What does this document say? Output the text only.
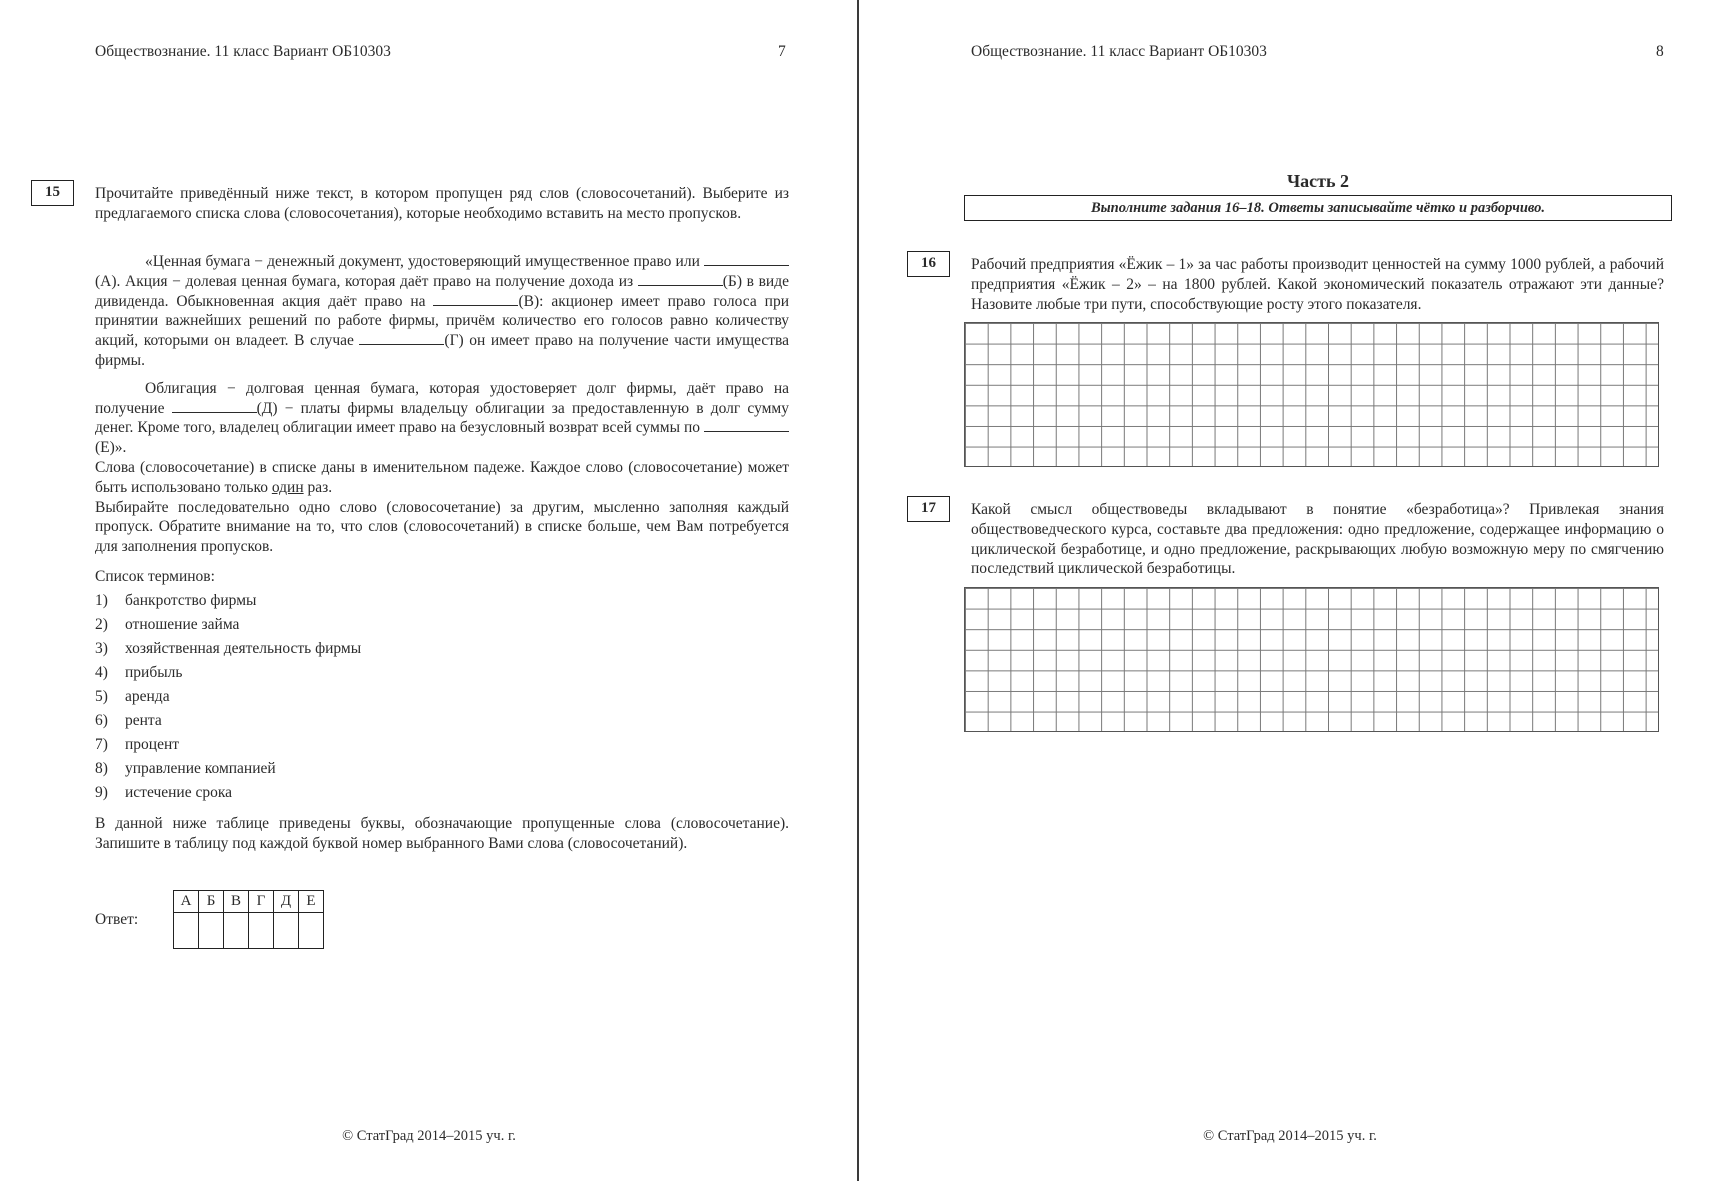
Обществознание. 11 класс Вариант ОБ10303	7
15	Прочитайте приведённый ниже текст, в котором пропущен ряд слов (словосочетаний). Выберите из предлагаемого списка слова (словосочетания), которые необходимо вставить на место пропусков.

«Ценная бумага − денежный документ, удостоверяющий имущественное право или (А). Акция − долевая ценная бумага, которая даёт право на получение дохода из	(Б) в виде дивиденда. Обыкновенная акция даёт право на	(В): акционер имеет право голоса при принятии важнейших решений по работе фирмы, причём количество его голосов равно количеству акций, которыми он владеет. В случае	(Г) он имеет право на получение части имущества фирмы.

Облигация − долговая ценная бумага, которая удостоверяет долг фирмы, даёт право на получение	(Д) − платы фирмы владельцу облигации за предоставленную в долг сумму денег. Кроме того, владелец облигации имеет право на безусловный возврат всей суммы по (Е)».

Слова (словосочетание) в списке даны в именительном падеже. Каждое слово (словосочетание) может быть использовано только один раз.

Выбирайте последовательно одно слово (словосочетание) за другим, мысленно заполняя каждый пропуск. Обратите внимание на то, что слов (словосочетаний) в списке больше, чем Вам потребуется для заполнения пропусков.

Список терминов:
1)	банкротство фирмы
2)	отношение займа
3)	хозяйственная деятельность фирмы
4)	прибыль
5)	аренда
6)	рента
7)	процент
8)	управление компанией
9)	истечение срока
В данной ниже таблице приведены буквы, обозначающие пропущенные слова (словосочетание). Запишите в таблицу под каждой буквой номер выбранного Вами слова (словосочетаний).
Ответ:
А	Б	В	Г	Д	Е

© СтатГрад 2014–2015 уч. г.
Обществознание. 11 класс Вариант ОБ10303	8
Часть 2
Выполните задания 16–18. Ответы записывайте чётко и разборчиво.
16	Рабочий предприятия «Ёжик – 1» за час работы производит ценностей на сумму 1000 рублей, а рабочий предприятия «Ёжик – 2» – на 1800 рублей. Какой экономический показатель отражают эти данные? Назовите любые три пути, способствующие росту этого показателя.
17	Какой смысл обществоведы вкладывают в понятие «безработица»? Привлекая знания обществоведческого курса, составьте два предложения: одно предложение, содержащее информацию о циклической безработице, и одно предложение, раскрывающих любую возможную меру по смягчению последствий циклической безработицы.
© СтатГрад 2014–2015 уч. г.
